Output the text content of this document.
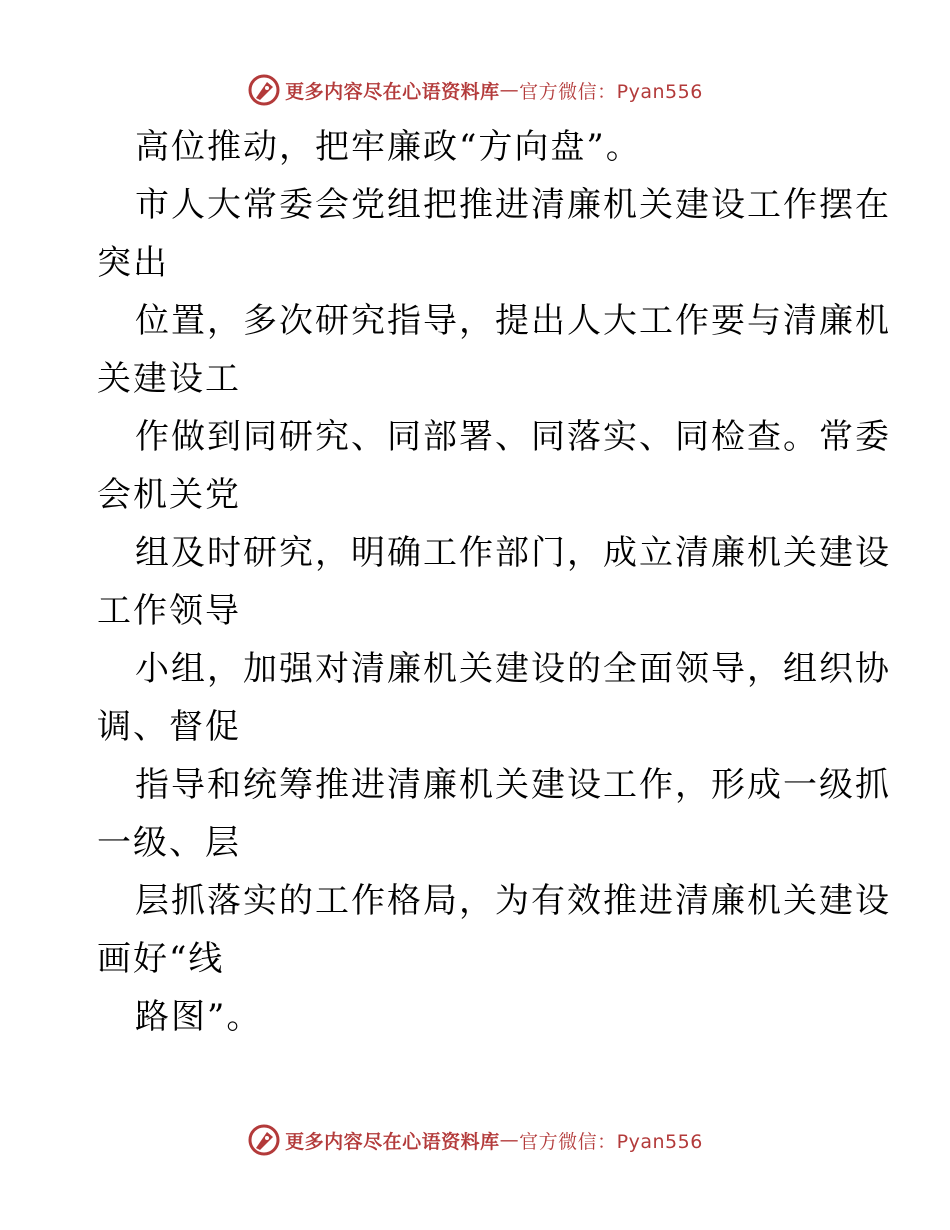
更多内容尽在心语资料库 — 官方微信：Pyan556
高位推动，把牢廉政“方向盘”。
市人大常委会党组把推进清廉机关建设工作摆在
突出
位置，多次研究指导，提出人大工作要与清廉机
关建设工
作做到同研究、同部署、同落实、同检查。常委
会机关党
组及时研究，明确工作部门，成立清廉机关建设
工作领导
小组，加强对清廉机关建设的全面领导，组织协
调、督促
指导和统筹推进清廉机关建设工作，形成一级抓
一级、层
层抓落实的工作格局，为有效推进清廉机关建设
画好“线
路图”。
更多内容尽在心语资料库 — 官方微信：Pyan556
